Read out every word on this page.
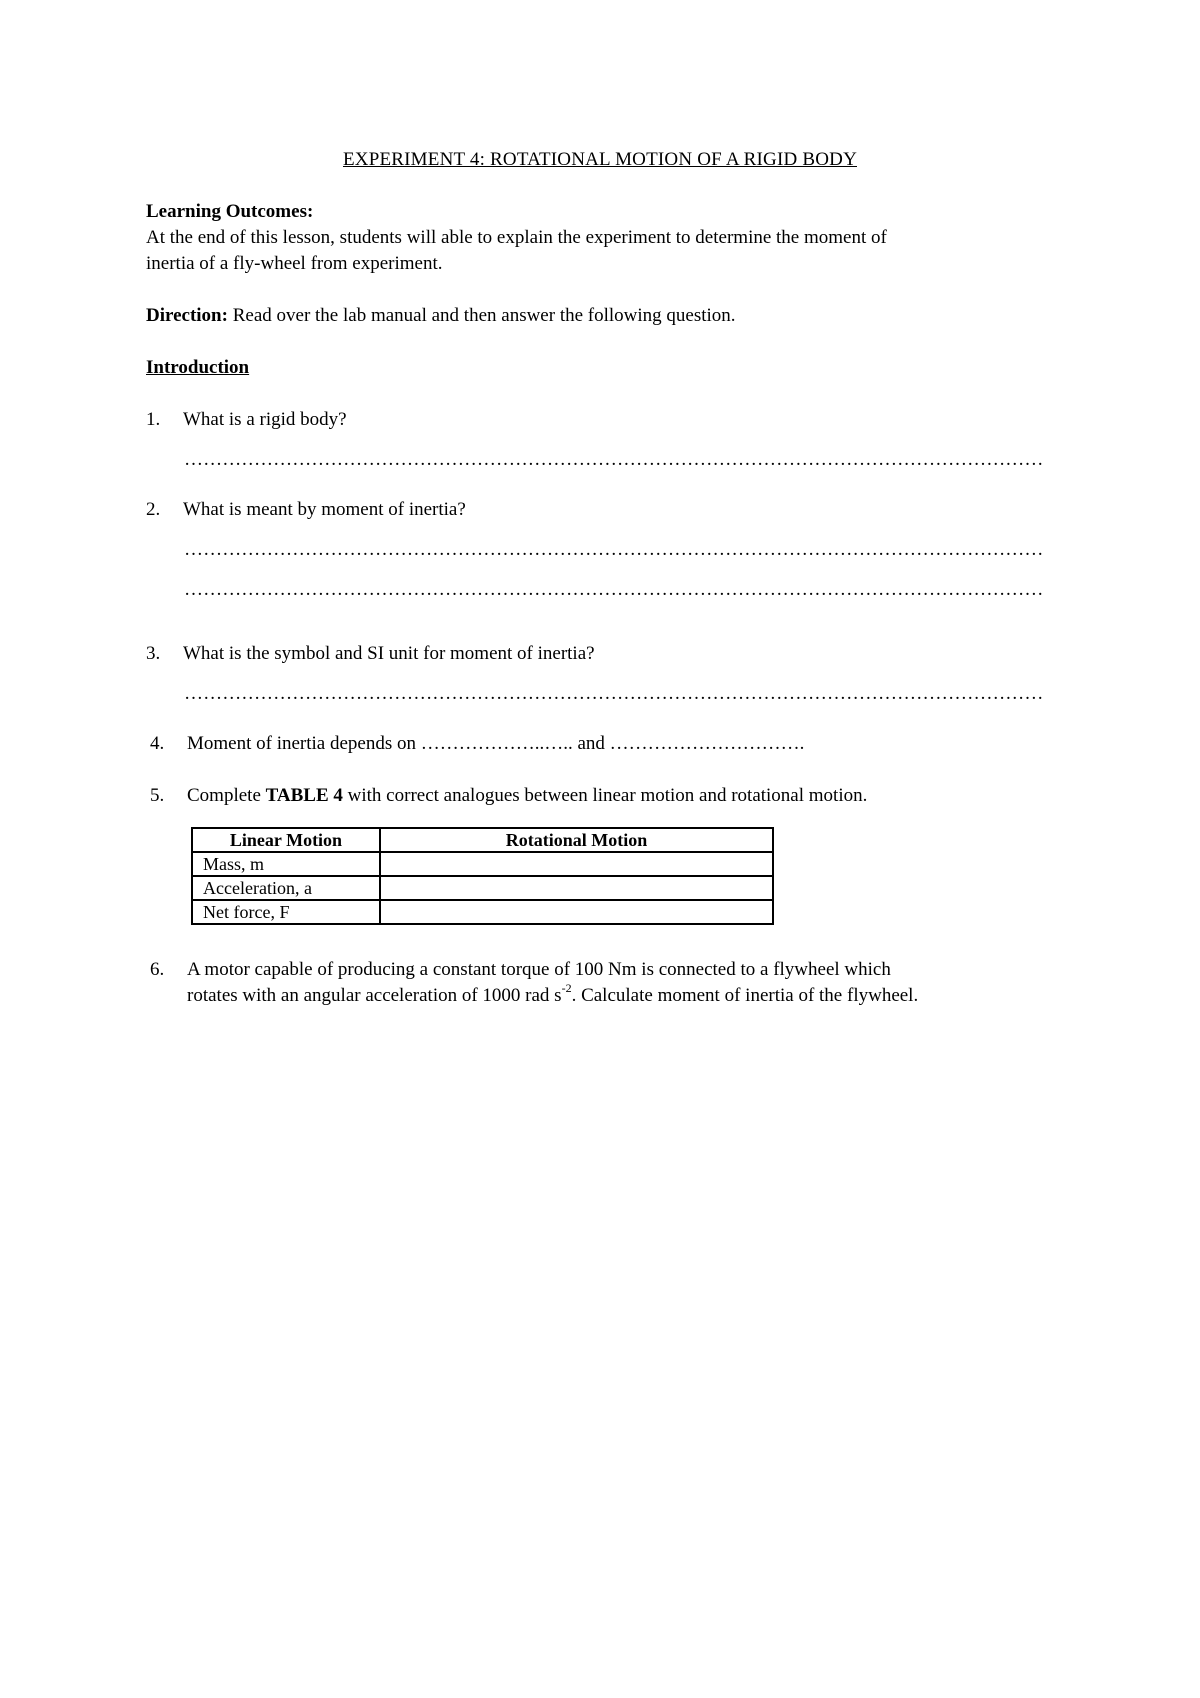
EXPERIMENT 4: ROTATIONAL MOTION OF A RIGID BODY
Learning Outcomes:
At the end of this lesson, students will able to explain the experiment to determine the moment of
inertia of a fly-wheel from experiment.
Direction: Read over the lab manual and then answer the following question.
Introduction
1. What is a rigid body?
………………………………………………………………………………………………………………………
2. What is meant by moment of inertia?
………………………………………………………………………………………………………………………
………………………………………………………………………………………………………………………
3. What is the symbol and SI unit for moment of inertia?
………………………………………………………………………………………………………………………
4. Moment of inertia depends on ………………..….. and ………………………….
5. Complete TABLE 4 with correct analogues between linear motion and rotational motion.
Linear Motion	Rotational Motion
Mass, m	
Acceleration, a	
Net force, F	
6.	A motor capable of producing a constant torque of 100 Nm is connected to a flywheel which
rotates with an angular acceleration of 1000 rad $s^{-2}$. Calculate moment of inertia of the flywheel.
